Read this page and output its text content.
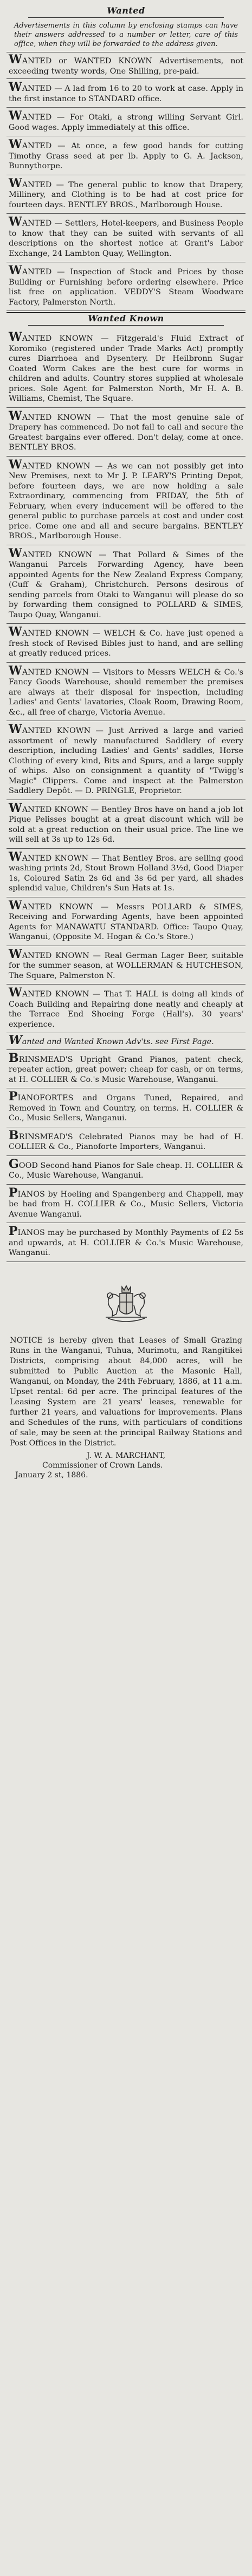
Wanted
Advertisements in this column by enclosing stamps can have their answers addressed to a number or letter, care of this office, when they will be forwarded to the address given.
WANTED or WANTED KNOWN Advertisements, not exceeding twenty words, One Shilling, pre-paid.
WANTED — A lad from 16 to 20 to work at case. Apply in the first instance to STANDARD office.
WANTED — For Otaki, a strong willing Servant Girl. Good wages. Apply immediately at this office.
WANTED — At once, a few good hands for cutting Timothy Grass seed at per lb. Apply to G. A. Jackson, Bunnythorpe.
WANTED — The general public to know that Drapery, Millinery, and Clothing is to be had at cost price for fourteen days. BENTLEY BROS., Marlborough House.
WANTED — Settlers, Hotel-keepers, and Business People to know that they can be suited with servants of all descriptions on the shortest notice at Grant's Labor Exchange, 24 Lambton Quay, Wellington.
WANTED — Inspection of Stock and Prices by those Building or Furnishing before ordering elsewhere. Price list free on application. VEDDY'S Steam Woodware Factory, Palmerston North.
Wanted Known
WANTED KNOWN — Fitzgerald's Fluid Extract of Koromiko (registered under Trade Marks Act) promptly cures Diarrhoea and Dysentery. Dr Heilbronn Sugar Coated Worm Cakes are the best cure for worms in children and adults. Country stores supplied at wholesale prices. Sole Agent for Palmerston North, Mr H. A. B. Williams, Chemist, The Square.
WANTED KNOWN — That the most genuine sale of Drapery has commenced. Do not fail to call and secure the Greatest bargains ever offered. Don't delay, come at once. BENTLEY BROS.
WANTED KNOWN — As we can not possibly get into New Premises, next to Mr J. P. LEARY'S Printing Depot, before fourteen days, we are now holding a sale Extraordinary, commencing from FRIDAY, the 5th of February, when every inducement will be offered to the general public to purchase parcels at cost and under cost price. Come one and all and secure bargains. BENTLEY BROS., Marlborough House.
WANTED KNOWN — That Pollard & Simes of the Wanganui Parcels Forwarding Agency, have been appointed Agents for the New Zealand Express Company, (Cuff & Graham), Christchurch. Persons desirous of sending parcels from Otaki to Wanganui will please do so by forwarding them consigned to POLLARD & SIMES, Taupo Quay, Wanganui.
WANTED KNOWN — WELCH & Co. have just opened a fresh stock of Revised Bibles just to hand, and are selling at greatly reduced prices.
WANTED KNOWN — Visitors to Messrs WELCH & Co.'s Fancy Goods Warehouse, should remember the premises are always at their disposal for inspection, including Ladies' and Gents' lavatories, Cloak Room, Drawing Room, &c., all free of charge, Victoria Avenue.
WANTED KNOWN — Just Arrived a large and varied assortment of newly manufactured Saddlery of every description, including Ladies' and Gents' saddles, Horse Clothing of every kind, Bits and Spurs, and a large supply of whips. Also on consignment a quantity of "Twigg's Magic" Clippers. Come and inspect at the Palmerston Saddlery Depôt. — D. PRINGLE, Proprietor.
WANTED KNOWN — Bentley Bros have on hand a job lot Pique Pelisses bought at a great discount which will be sold at a great reduction on their usual price. The line we will sell at 3s up to 12s 6d.
WANTED KNOWN — That Bentley Bros. are selling good washing prints 2d, Stout Brown Holland 3½d, Good Diaper 1s, Coloured Satin 2s 6d and 3s 6d per yard, all shades splendid value, Children's Sun Hats at 1s.
WANTED KNOWN — Messrs POLLARD & SIMES, Receiving and Forwarding Agents, have been appointed Agents for MANAWATU STANDARD. Office: Taupo Quay, Wanganui, (Opposite M. Hogan & Co.'s Store.)
WANTED KNOWN — Real German Lager Beer, suitable for the summer season, at WOLLERMAN & HUTCHESON, The Square, Palmerston N.
WANTED KNOWN — That T. HALL is doing all kinds of Coach Building and Repairing done neatly and cheaply at the Terrace End Shoeing Forge (Hall's). 30 years' experience.
Wanted and Wanted Known Adv'ts. see First Page.
BRINSMEAD'S Upright Grand Pianos, patent check, repeater action, great power; cheap for cash, or on terms, at H. COLLIER & Co.'s Music Warehouse, Wanganui.
PIANOFORTES and Organs Tuned, Repaired, and Removed in Town and Country, on terms. H. COLLIER & Co., Music Sellers, Wanganui.
BRINSMEAD'S Celebrated Pianos may be had of H. COLLIER & Co., Pianoforte Importers, Wanganui.
GOOD Second-hand Pianos for Sale cheap. H. COLLIER & Co., Music Warehouse, Wanganui.
PIANOS by Hoeling and Spangenberg and Chappell, may be had from H. COLLIER & Co., Music Sellers, Victoria Avenue Wanganui.
PIANOS may be purchased by Monthly Payments of £2 5s and upwards, at H. COLLIER & Co.'s Music Warehouse, Wanganui.
NOTICE is hereby given that Leases of Small Grazing Runs in the Wanganui, Tuhua, Murimotu, and Rangitikei Districts, comprising about 84,000 acres, will be submitted to Public Auction at the Masonic Hall, Wanganui, on Monday, the 24th February, 1886, at 11 a.m. Upset rental: 6d per acre. The principal features of the Leasing System are 21 years' leases, renewable for further 21 years, and valuations for improvements. Plans and Schedules of the runs, with particulars of conditions of sale, may be seen at the principal Railway Stations and Post Offices in the District.
J. W. A. MARCHANT,
Commissioner of Crown Lands.
January 2 st, 1886.
